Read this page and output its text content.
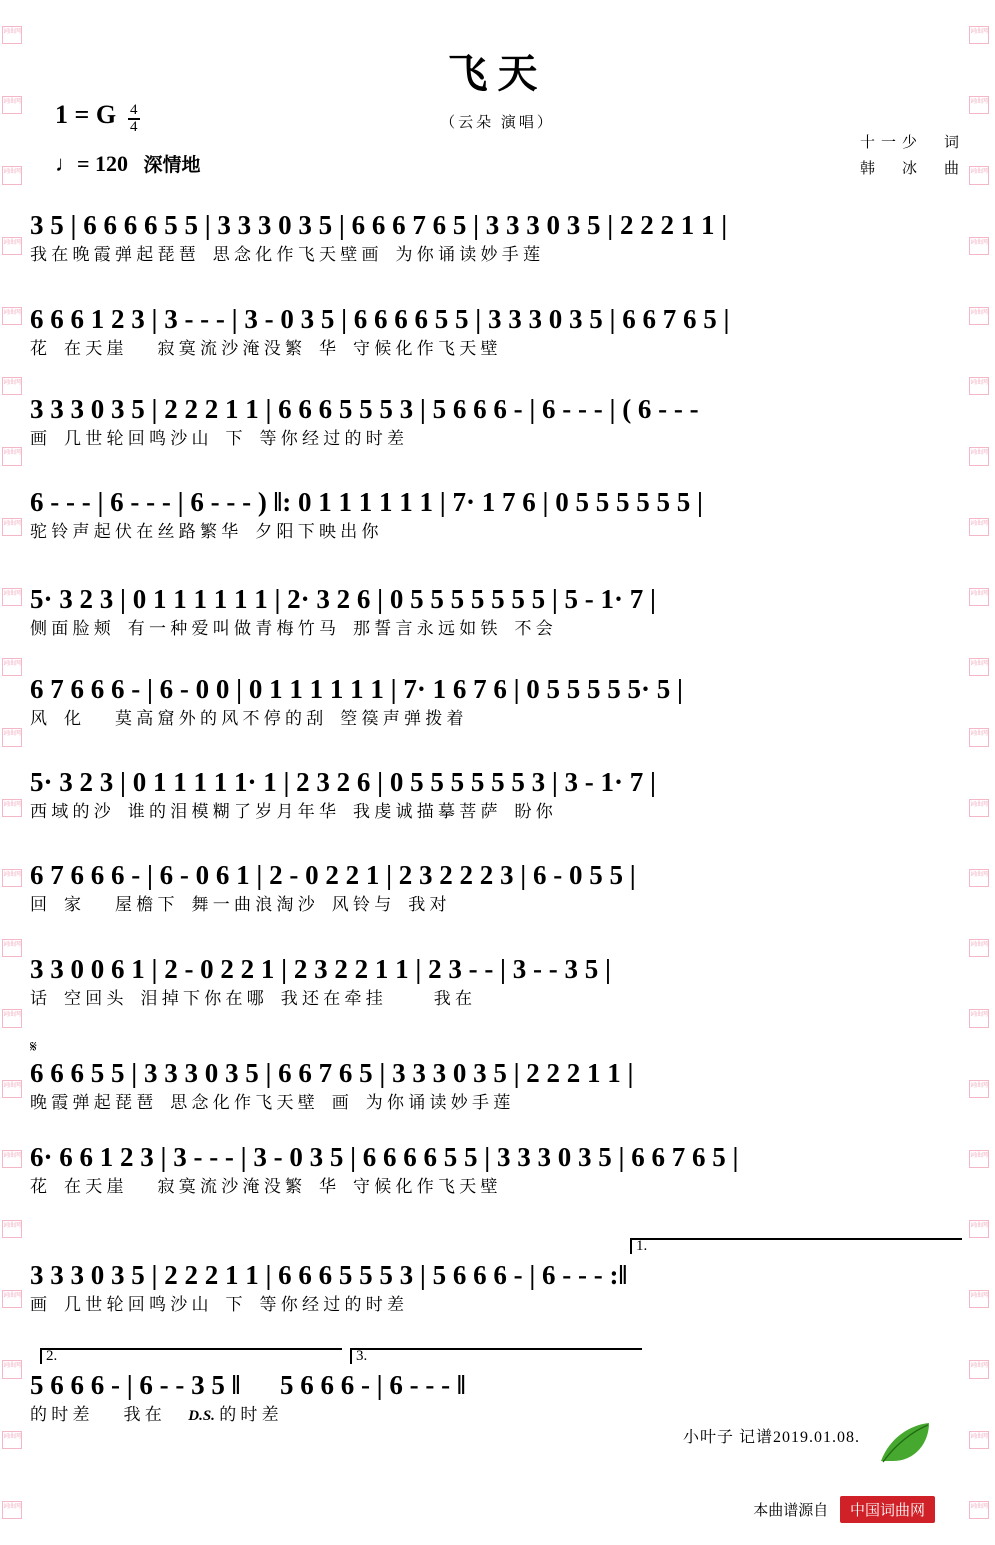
词曲网
词曲网
词曲网
词曲网
词曲网
词曲网
词曲网
词曲网
词曲网
词曲网
词曲网
词曲网
词曲网
词曲网
词曲网
词曲网
词曲网
词曲网
词曲网
词曲网
词曲网
词曲网
词曲网
词曲网
词曲网
词曲网
词曲网
词曲网
词曲网
词曲网
词曲网
词曲网
词曲网
词曲网
词曲网
词曲网
词曲网
词曲网
词曲网
词曲网
词曲网
词曲网
词曲网
词曲网
飞天
（云朵 演唱）
1 = G $\frac{4}{4}$
♩= 120 深情地
十一少　词
韩　冰　曲
3 5 | 6 6 6 6 5 5 | 3 3 3 0 3 5 | 6 6 6 7 6 5 | 3 3 3 0 3 5 | 2 2 2 1 1 |
我 在 晚 霞 弹 起 琵 琶　思 念 化 作 飞 天 壁 画　为 你 诵 读 妙 手 莲
6 6 6 1 2 3 | 3 - - - | 3 - 0 3 5 | 6 6 6 6 5 5 | 3 3 3 0 3 5 | 6 6 7 6 5 |
花　在 天 崖　　寂 寞 流 沙 淹 没 繁　华　守 候 化 作 飞 天 壁
3 3 3 0 3 5 | 2 2 2 1 1 | 6 6 6 5 5 5 3 | 5 6 6 6 - | 6 - - - | ( 6 - - -
画　几 世 轮 回 鸣 沙 山　下　等 你 经 过 的 时 差
6 - - - | 6 - - - | 6 - - - ) ‖: 0 1 1 1 1 1 1 | 7· 1 7 6 | 0 5 5 5 5 5 5 |
驼 铃 声 起 伏 在 丝 路 繁 华　夕 阳 下 映 出 你
5· 3 2 3 | 0 1 1 1 1 1 1 | 2· 3 2 6 | 0 5 5 5 5 5 5 5 | 5 - 1· 7 |
侧 面 脸 颊　有 一 种 爱 叫 做 青 梅 竹 马　那 誓 言 永 远 如 铁　不 会
6 7 6 6 6 - | 6 - 0 0 | 0 1 1 1 1 1 1 | 7· 1 6 7 6 | 0 5 5 5 5 5· 5 |
风　化　　莫 高 窟 外 的 风 不 停 的 刮　箜 篌 声 弹 拨 着
5· 3 2 3 | 0 1 1 1 1 1· 1 | 2 3 2 6 | 0 5 5 5 5 5 5 3 | 3 - 1· 7 |
西 域 的 沙　谁 的 泪 模 糊 了 岁 月 年 华　我 虔 诚 描 摹 菩 萨　盼 你
6 7 6 6 6 - | 6 - 0 6 1 | 2 - 0 2 2 1 | 2 3 2 2 2 3 | 6 - 0 5 5 |
回　家　　屋 檐 下　舞 一 曲 浪 淘 沙　风 铃 与　我 对
3 3 0 0 6 1 | 2 - 0 2 2 1 | 2 3 2 2 1 1 | 2 3 - - | 3 - - 3 5 |
话　空 回 头　泪 掉 下 你 在 哪　我 还 在 牵 挂　　　我 在
𝄋
6 6 6 5 5 | 3 3 3 0 3 5 | 6 6 7 6 5 | 3 3 3 0 3 5 | 2 2 2 1 1 |
晚 霞 弹 起 琵 琶　思 念 化 作 飞 天 壁　画　为 你 诵 读 妙 手 莲
6· 6 6 1 2 3 | 3 - - - | 3 - 0 3 5 | 6 6 6 6 5 5 | 3 3 3 0 3 5 | 6 6 7 6 5 |
花　在 天 崖　　寂 寞 流 沙 淹 没 繁　华　守 候 化 作 飞 天 壁
1.
3 3 3 0 3 5 | 2 2 2 1 1 | 6 6 6 5 5 5 3 | 5 6 6 6 - | 6 - - - :‖
画　几 世 轮 回 鸣 沙 山　下　等 你 经 过 的 时 差
2.	3.
5 6 6 6 - | 6 - - 3 5 ‖ 5 6 6 6 - | 6 - - - ‖
的 时 差　　我 在 D.S. 的 时 差
小叶子 记谱2019.01.08.
本曲谱源自 中国词曲网
